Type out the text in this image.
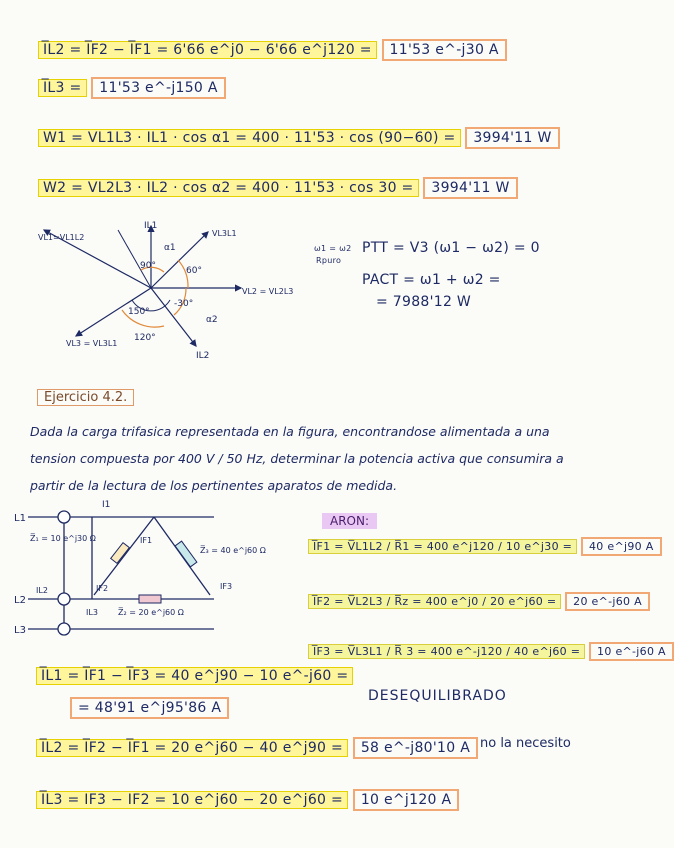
I̅L2 = I̅F2 − I̅F1 = 6'66 e^j0 − 6'66 e^j120 = 11'53 e^-j30 A
I̅L3 = 11'53 e^-j150 A
W1 = VL1L3 · IL1 · cos α1 = 400 · 11'53 · cos (90−60) = 3994'11 W
W2 = VL2L3 · IL2 · cos α2 = 400 · 11'53 · cos 30 = 3994'11 W
VL1=VL1L2
IL1
VL3L1
α1
90°	60°
-30°
α2
VL2 = VL2L3
150°
120°
VL3 = VL3L1
IL2
ω1 = ω2
Rpuro
PTT = V3 (ω1 − ω2) = 0
PACT = ω1 + ω2 =
= 7988'12 W
Ejercicio 4.2.
Dada la carga trifasica representada en la figura, encontrandose alimentada a una tension compuesta por 400 V / 50 Hz, determinar la potencia activa que consumira a partir de la lectura de los pertinentes aparatos de medida.
L1
L2
L3
I1
Z̅₁ = 10 e^j30 Ω	IF1
Z̅₃ = 40 e^j60 Ω
IF3
IL2	IF2
IL3	Z̅₂ = 20 e^j60 Ω
ARON:
I̅F1 = V̅L1L2 / R̅1 = 400 e^j120 / 10 e^j30 = 40 e^j90 A
I̅F2 = V̅L2L3 / R̅z = 400 e^j0 / 20 e^j60 = 20 e^-j60 A
I̅F3 = V̅L3L1 / R̅ 3 = 400 e^-j120 / 40 e^j60 = 10 e^-j60 A
DESEQUILIBRADO
I̅L1 = I̅F1 − I̅F3 = 40 e^j90 − 10 e^-j60 =
= 48'91 e^j95'86 A
I̅L2 = I̅F2 − I̅F1 = 20 e^j60 − 40 e^j90 = 58 e^-j80'10 A no la necesito
I̅L3 = IF3 − IF2 = 10 e^j60 − 20 e^j60 = 10 e^j120 A
